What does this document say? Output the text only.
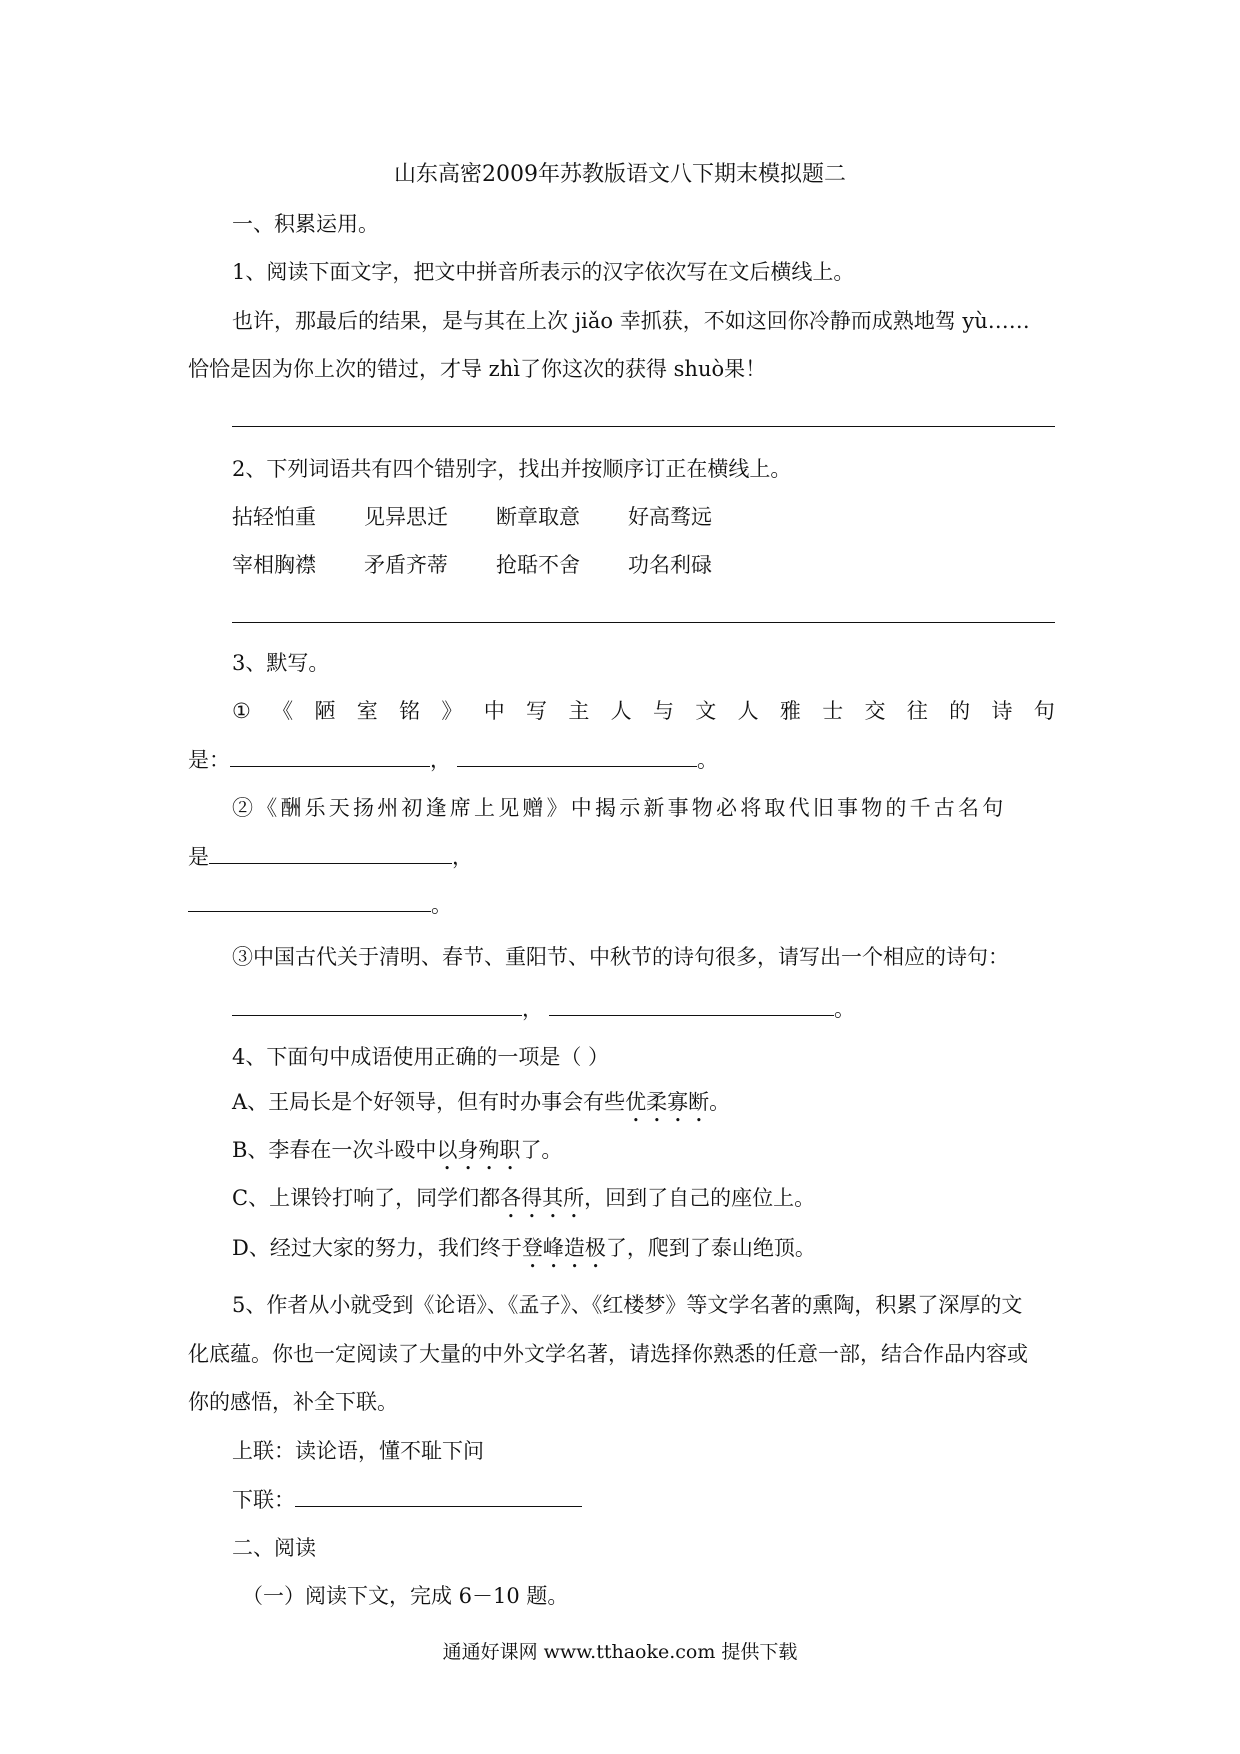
山东高密2009年苏教版语文八下期末模拟题二
一、积累运用。
1、阅读下面文字，把文中拼音所表示的汉字依次写在文后横线上。
也许，那最后的结果，是与其在上次 jiǎo 幸抓获，不如这回你冷静而成熟地驾 yù……
恰恰是因为你上次的错过，才导 zhì了你这次的获得 shuò果！
2、下列词语共有四个错别字，找出并按顺序订正在横线上。
拈轻怕重 见异思迁 断章取意 好高骛远
宰相胸襟 矛盾齐蒂 抢聒不舍 功名利碌
3、默写。
① 《 陋 室 铭 》 中 写 主 人 与 文 人 雅 士 交 往 的 诗 句
是：	，	。
②《酬乐天扬州初逢席上见赠》中揭示新事物必将取代旧事物的千古名句
是	，
。
③中国古代关于清明、春节、重阳节、中秋节的诗句很多，请写出一个相应的诗句：
，	。
4、下面句中成语使用正确的一项是（ ）
A、王局长是个好领导，但有时办事会有些优柔寡断。
B、李春在一次斗殴中以身殉职了。
C、上课铃打响了，同学们都各得其所，回到了自己的座位上。
D、经过大家的努力，我们终于登峰造极了，爬到了泰山绝顶。
5、作者从小就受到《论语》、《孟子》、《红楼梦》等文学名著的熏陶，积累了深厚的文
化底蕴。你也一定阅读了大量的中外文学名著，请选择你熟悉的任意一部，结合作品内容或
你的感悟，补全下联。
上联：读论语，懂不耻下问
下联：
二、阅读
（一）阅读下文，完成 6－10 题。
通通好课网 www.tthaoke.com 提供下载
